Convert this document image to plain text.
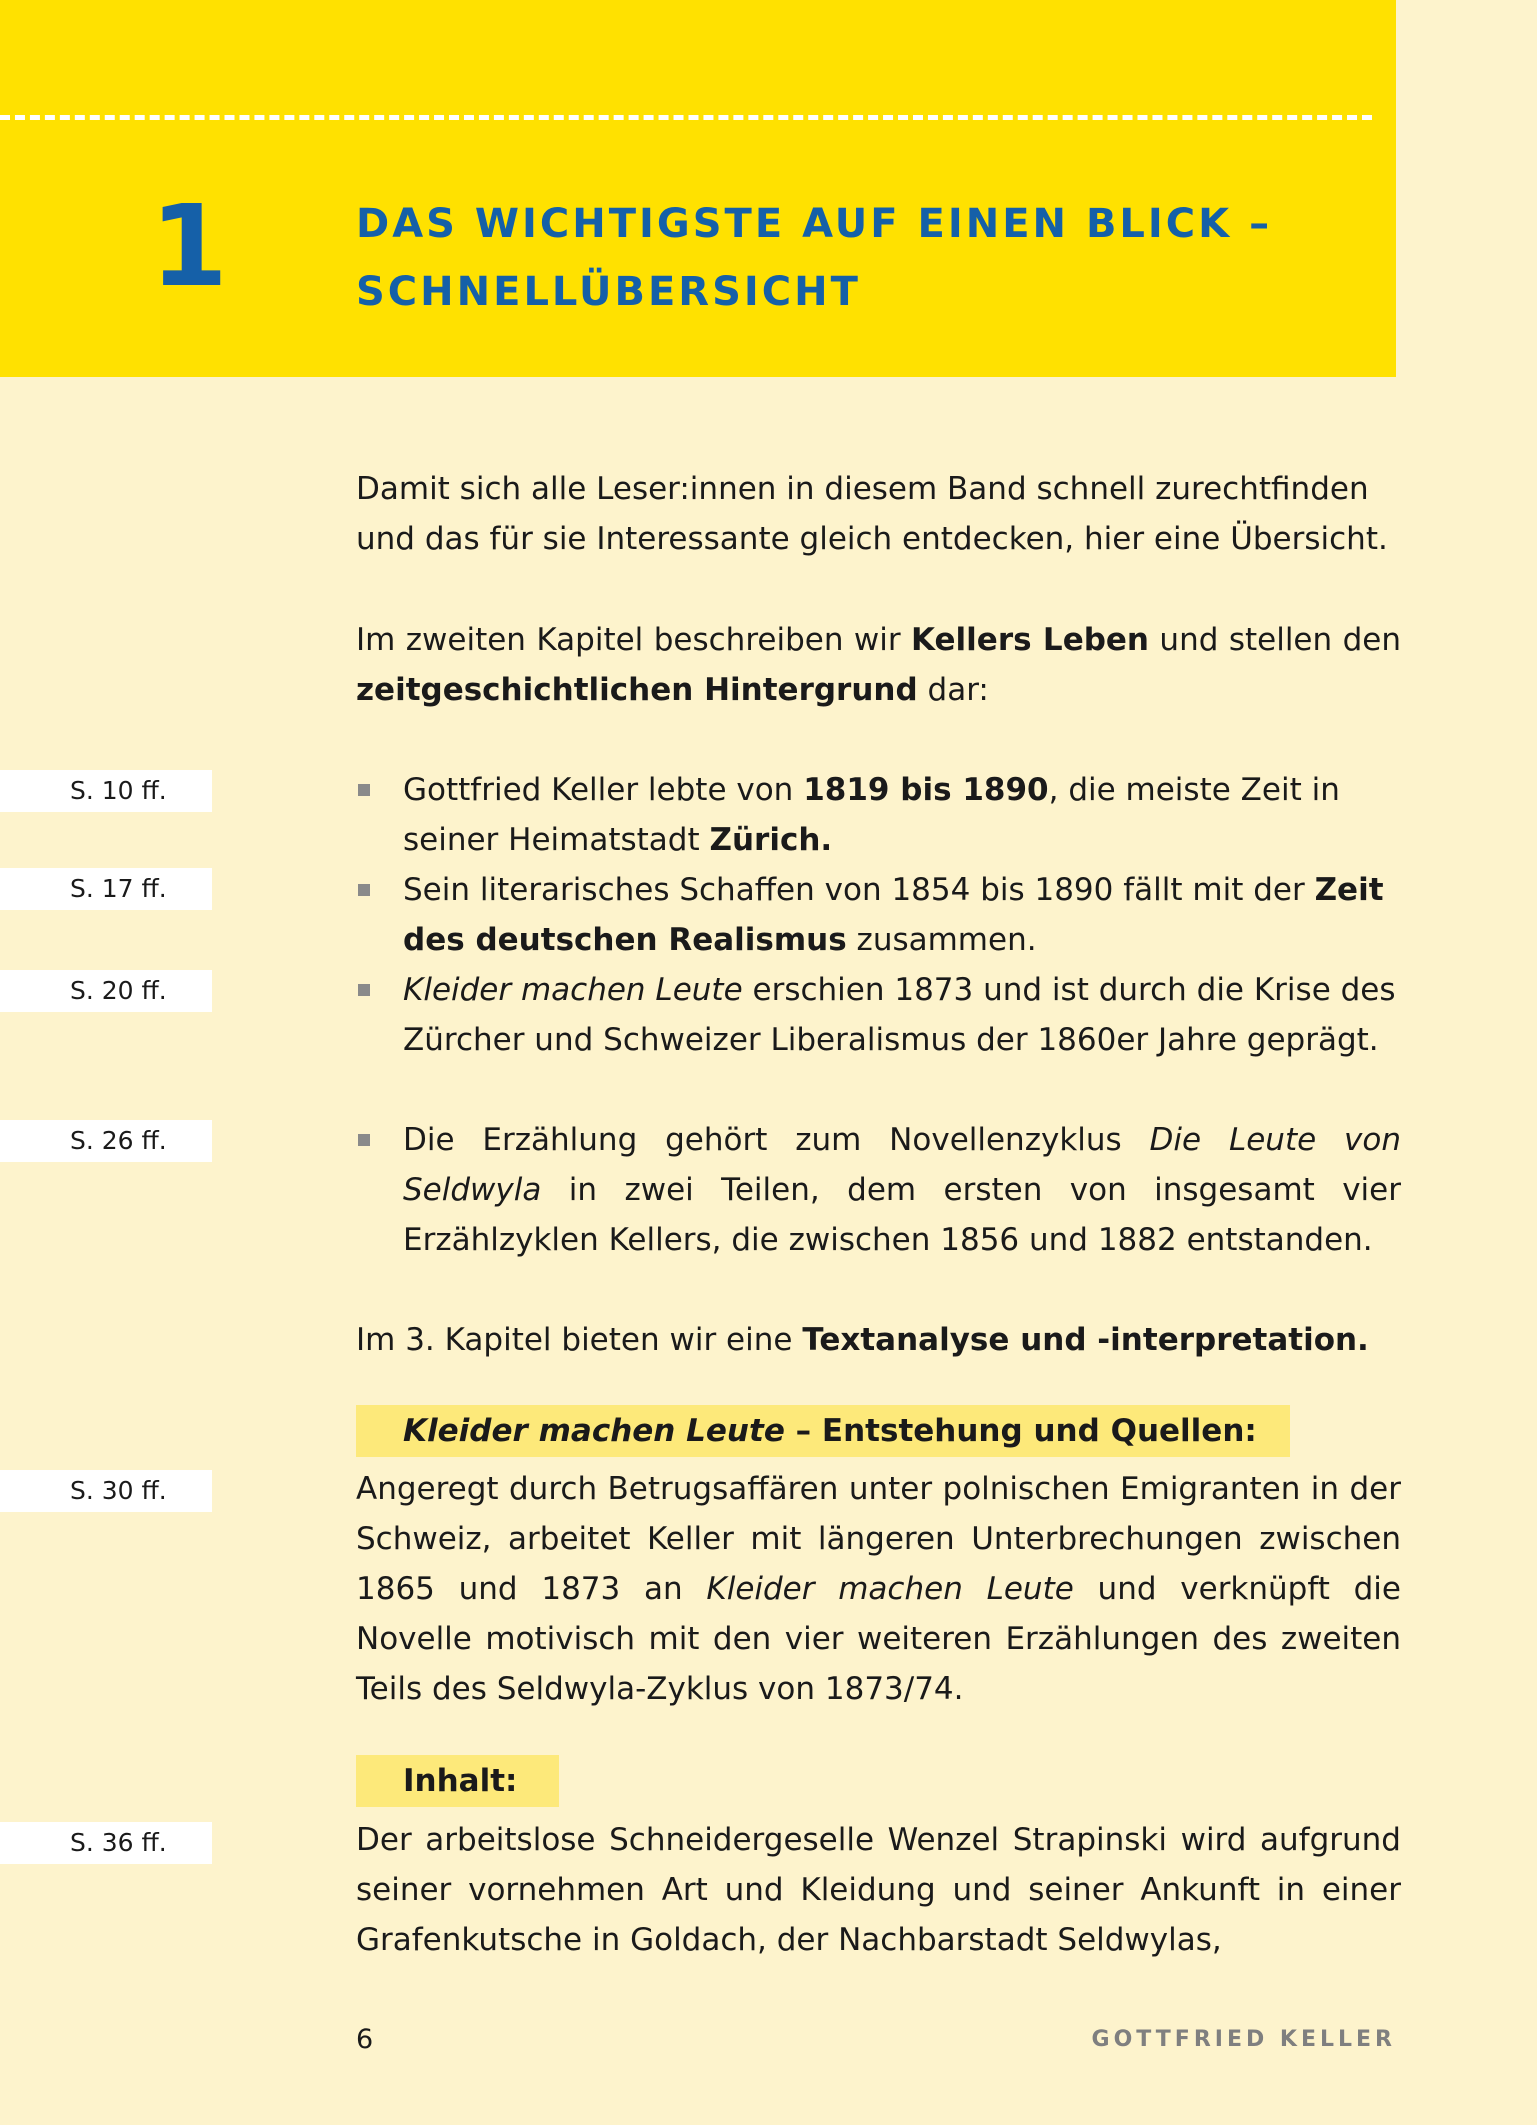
1	DAS WICHTIGSTE AUF EINEN BLICK –
SCHNELLÜBERSICHT

Damit sich alle Leser:innen in diesem Band schnell zurechtfinden und das für sie Interessante gleich entdecken, hier eine Übersicht.

Im zweiten Kapitel beschreiben wir Kellers Leben und stellen den zeitgeschichtlichen Hintergrund dar:

Gottfried Keller lebte von 1819 bis 1890, die meiste Zeit in seiner Heimatstadt Zürich.
Sein literarisches Schaffen von 1854 bis 1890 fällt mit der Zeit des deutschen Realismus zusammen.
Kleider machen Leute erschien 1873 und ist durch die Krise des Zürcher und Schweizer Liberalismus der 1860er Jahre geprägt.
Die Erzählung gehört zum Novellenzyklus Die Leute von Seldwyla in zwei Teilen, dem ersten von insgesamt vier Erzählzyklen Kellers, die zwischen 1856 und 1882 entstanden.

Im 3. Kapitel bieten wir eine Textanalyse und -interpretation.

Kleider machen Leute – Entstehung und Quellen:

Angeregt durch Betrugsaffären unter polnischen Emigranten in der Schweiz, arbeitet Keller mit längeren Unterbrechungen zwischen 1865 und 1873 an Kleider machen Leute und verknüpft die Novelle motivisch mit den vier weiteren Erzählungen des zweiten Teils des Seldwyla-Zyklus von 1873/74.

Inhalt:

Der arbeitslose Schneidergeselle Wenzel Strapinski wird aufgrund seiner vornehmen Art und Kleidung und seiner Ankunft in einer Grafenkutsche in Goldach, der Nachbarstadt Seldwylas,

S. 10 ff.
S. 17 ff.
S. 20 ff.
S. 26 ff.
S. 30 ff.
S. 36 ff.
6	GOTTFRIED KELLER
